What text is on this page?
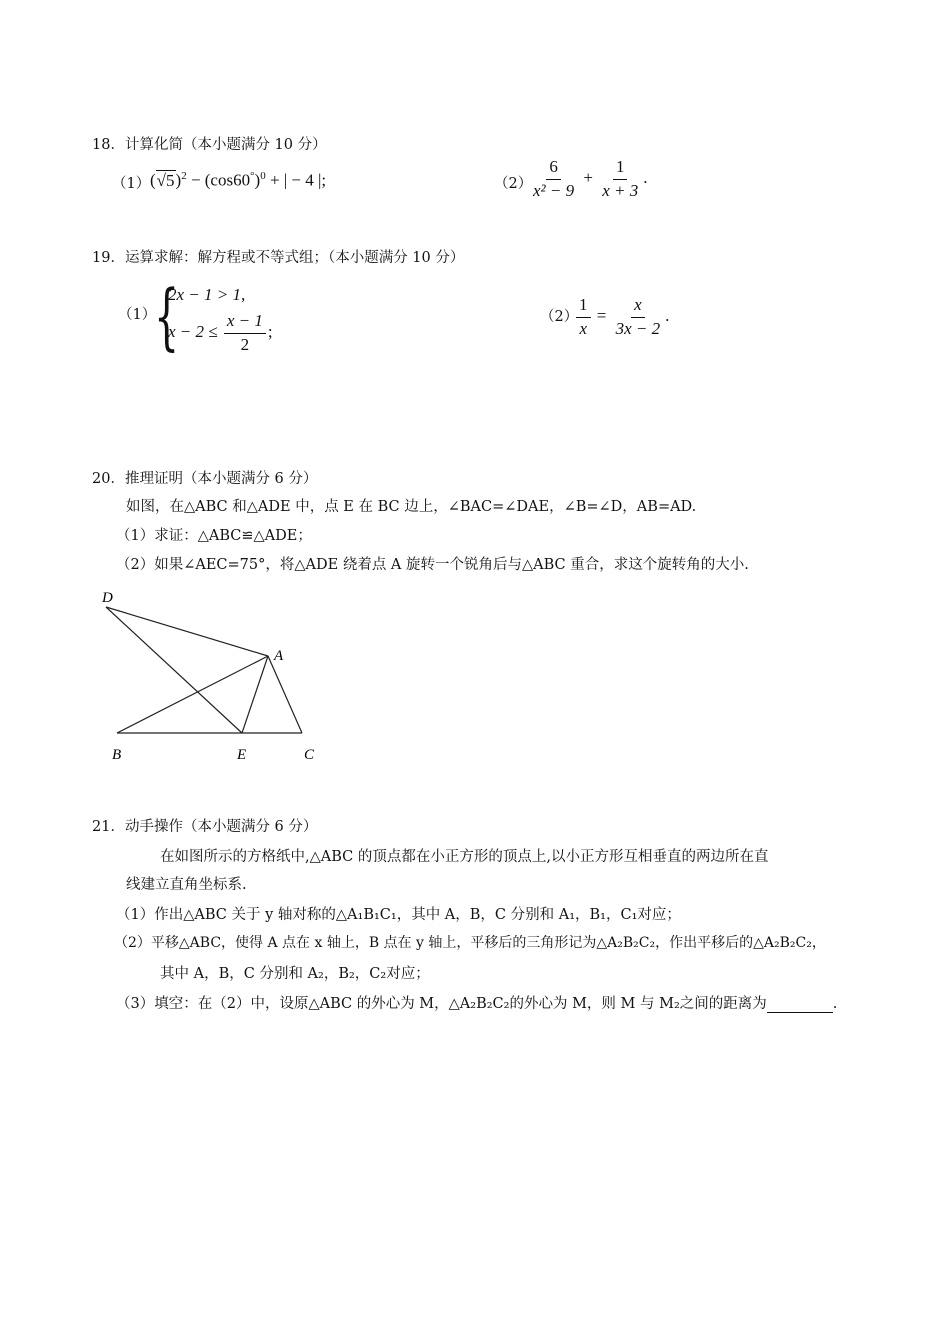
18．计算化简（本小题满分 10 分）
（1） $(√5)^2 - (\cos 60^\circ)^0$ + | − 4 |;	（2）
$\frac{6}{\text{x² − 9}} + \frac{1}{x + 3}$ .
19．运算求解：解方程或不等式组；（本小题满分 10 分）
（1）
{
2x − 1 > 1,
$x - 2 \le \frac{x - 1}{2}$ ;
（2）
$\frac{1}{x} = \frac{x}{3x - 2}$ .
20．推理证明（本小题满分 6 分）
如图，在△ABC 和△ADE 中，点 E 在 BC 边上，∠BAC=∠DAE，∠B=∠D，AB=AD.
（1）求证：△ABC≌△ADE；
（2）如果∠AEC=75°，将△ADE 绕着点 A 旋转一个锐角后与△ABC 重合，求这个旋转角的大小.
D
A
B	E	C
21．动手操作（本小题满分 6 分）
在如图所示的方格纸中,△ABC 的顶点都在小正方形的顶点上,以小正方形互相垂直的两边所在直
线建立直角坐标系.
（1）作出△ABC 关于 y 轴对称的△A₁B₁C₁，其中 A，B，C 分别和 A₁，B₁，C₁对应；
（2）平移△ABC，使得 A 点在 x 轴上，B 点在 y 轴上，平移后的三角形记为△A₂B₂C₂，作出平移后的△A₂B₂C₂，
其中 A，B，C 分别和 A₂，B₂，C₂对应；
（3）填空：在（2）中，设原△ABC 的外心为 M，△A₂B₂C₂的外心为 M，则 M 与 M₂之间的距离为	.
